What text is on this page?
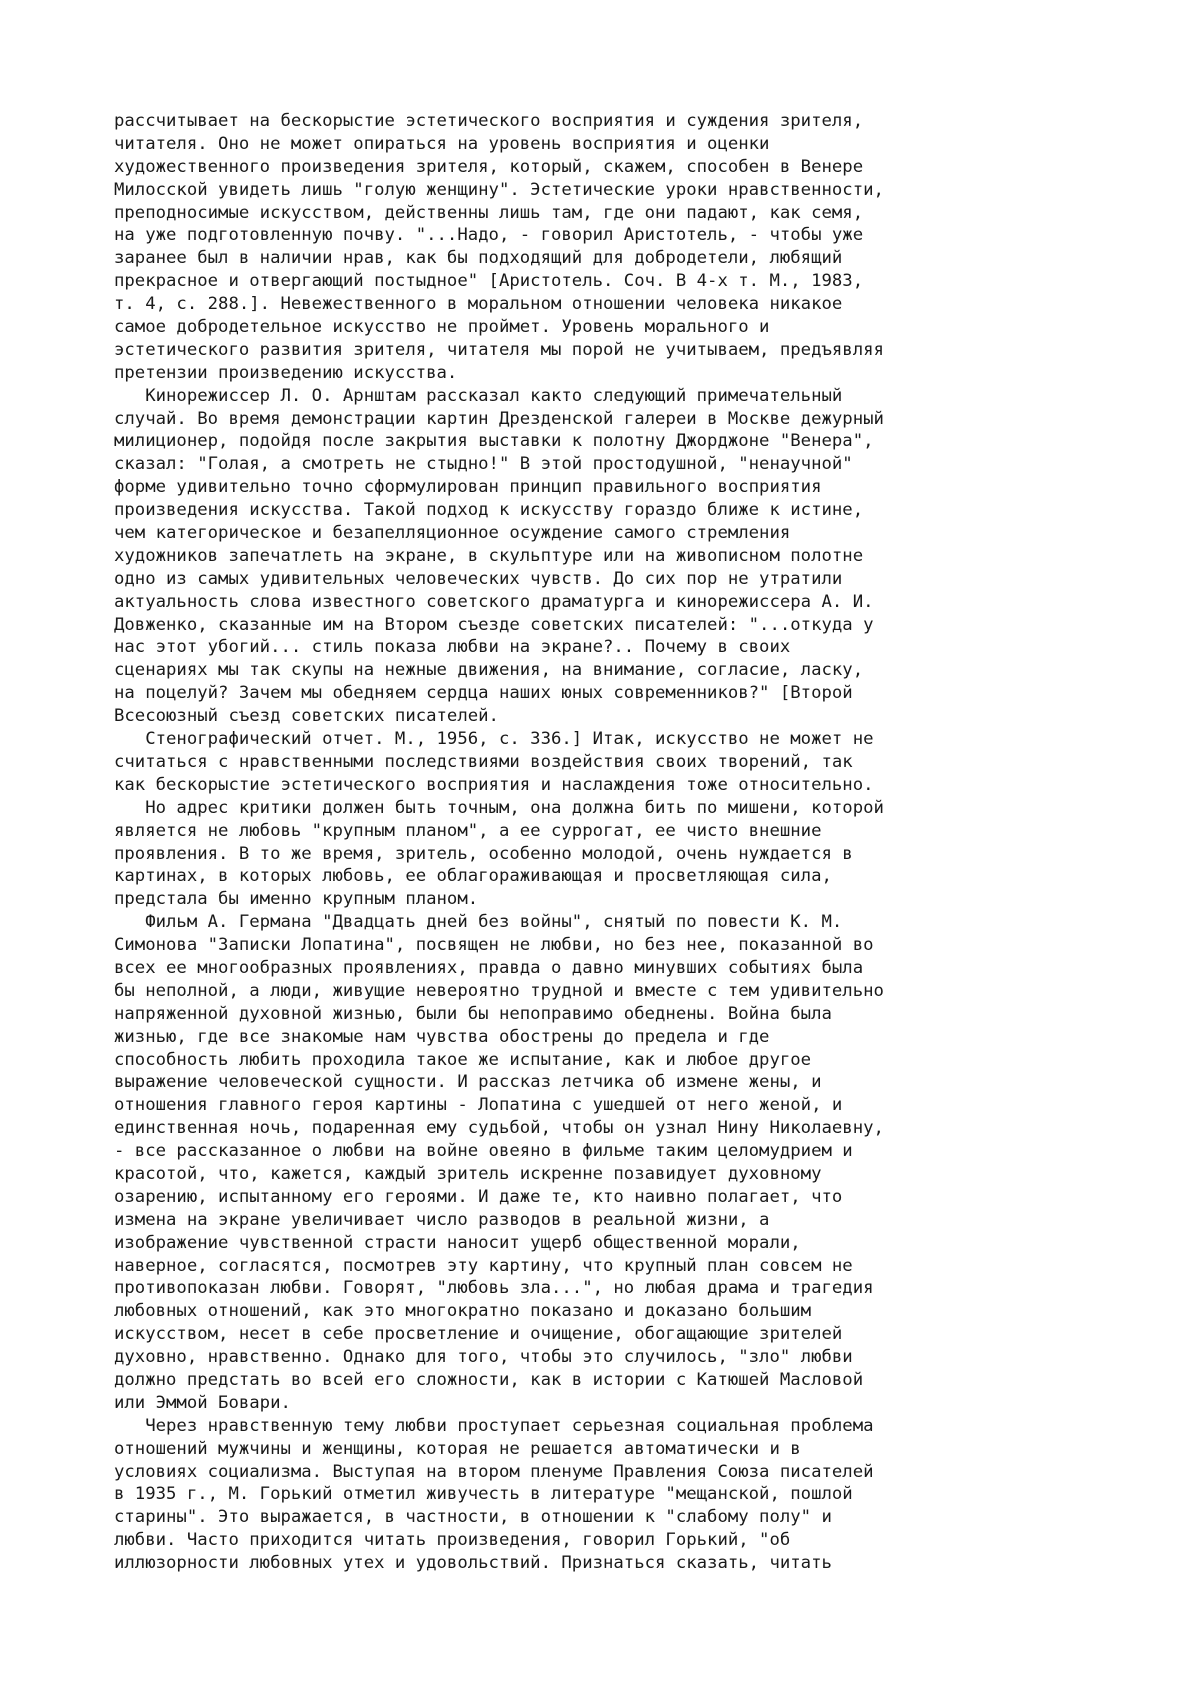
рассчитывает на бескорыстие эстетического восприятия и суждения зрителя,
читателя. Оно не может опираться на уровень восприятия и оценки
художественного произведения зрителя, который, скажем, способен в Венере
Милосской увидеть лишь "голую женщину". Эстетические уроки нравственности,
преподносимые искусством, действенны лишь там, где они падают, как семя,
на уже подготовленную почву. "...Надо, - говорил Аристотель, - чтобы уже
заранее был в наличии нрав, как бы подходящий для добродетели, любящий
прекрасное и отвергающий постыдное" [Аристотель. Соч. В 4-х т. М., 1983,
т. 4, с. 288.]. Невежественного в моральном отношении человека никакое
самое добродетельное искусство не проймет. Уровень морального и
эстетического развития зрителя, читателя мы порой не учитываем, предъявляя
претензии произведению искусства.
Кинорежиссер Л. О. Арнштам рассказал както следующий примечательный
случай. Во время демонстрации картин Дрезденской галереи в Москве дежурный
милиционер, подойдя после закрытия выставки к полотну Джорджоне "Венера",
сказал: "Голая, а смотреть не стыдно!" В этой простодушной, "ненаучной"
форме удивительно точно сформулирован принцип правильного восприятия
произведения искусства. Такой подход к искусству гораздо ближе к истине,
чем категорическое и безапелляционное осуждение самого стремления
художников запечатлеть на экране, в скульптуре или на живописном полотне
одно из самых удивительных человеческих чувств. До сих пор не утратили
актуальность слова известного советского драматурга и кинорежиссера А. И.
Довженко, сказанные им на Втором съезде советских писателей: "...откуда у
нас этот убогий... стиль показа любви на экране?.. Почему в своих
сценариях мы так скупы на нежные движения, на внимание, согласие, ласку,
на поцелуй? Зачем мы обедняем сердца наших юных современников?" [Второй
Всесоюзный съезд советских писателей.
Стенографический отчет. М., 1956, с. 336.] Итак, искусство не может не
считаться с нравственными последствиями воздействия своих творений, так
как бескорыстие эстетического восприятия и наслаждения тоже относительно.
Но адрес критики должен быть точным, она должна бить по мишени, которой
является не любовь "крупным планом", а ее суррогат, ее чисто внешние
проявления. В то же время, зритель, особенно молодой, очень нуждается в
картинах, в которых любовь, ее облагораживающая и просветляющая сила,
предстала бы именно крупным планом.
Фильм А. Германа "Двадцать дней без войны", снятый по повести К. М.
Симонова "Записки Лопатина", посвящен не любви, но без нее, показанной во
всех ее многообразных проявлениях, правда о давно минувших событиях была
бы неполной, а люди, живущие невероятно трудной и вместе с тем удивительно
напряженной духовной жизнью, были бы непоправимо обеднены. Война была
жизнью, где все знакомые нам чувства обострены до предела и где
способность любить проходила такое же испытание, как и любое другое
выражение человеческой сущности. И рассказ летчика об измене жены, и
отношения главного героя картины - Лопатина с ушедшей от него женой, и
единственная ночь, подаренная ему судьбой, чтобы он узнал Нину Николаевну,
- все рассказанное о любви на войне овеяно в фильме таким целомудрием и
красотой, что, кажется, каждый зритель искренне позавидует духовному
озарению, испытанному его героями. И даже те, кто наивно полагает, что
измена на экране увеличивает число разводов в реальной жизни, а
изображение чувственной страсти наносит ущерб общественной морали,
наверное, согласятся, посмотрев эту картину, что крупный план совсем не
противопоказан любви. Говорят, "любовь зла...", но любая драма и трагедия
любовных отношений, как это многократно показано и доказано большим
искусством, несет в себе просветление и очищение, обогащающие зрителей
духовно, нравственно. Однако для того, чтобы это случилось, "зло" любви
должно предстать во всей его сложности, как в истории с Катюшей Масловой
или Эммой Бовари.
Через нравственную тему любви проступает серьезная социальная проблема
отношений мужчины и женщины, которая не решается автоматически и в
условиях социализма. Выступая на втором пленуме Правления Союза писателей
в 1935 г., М. Горький отметил живучесть в литературе "мещанской, пошлой
старины". Это выражается, в частности, в отношении к "слабому полу" и
любви. Часто приходится читать произведения, говорил Горький, "об
иллюзорности любовных утех и удовольствий. Признаться сказать, читать
